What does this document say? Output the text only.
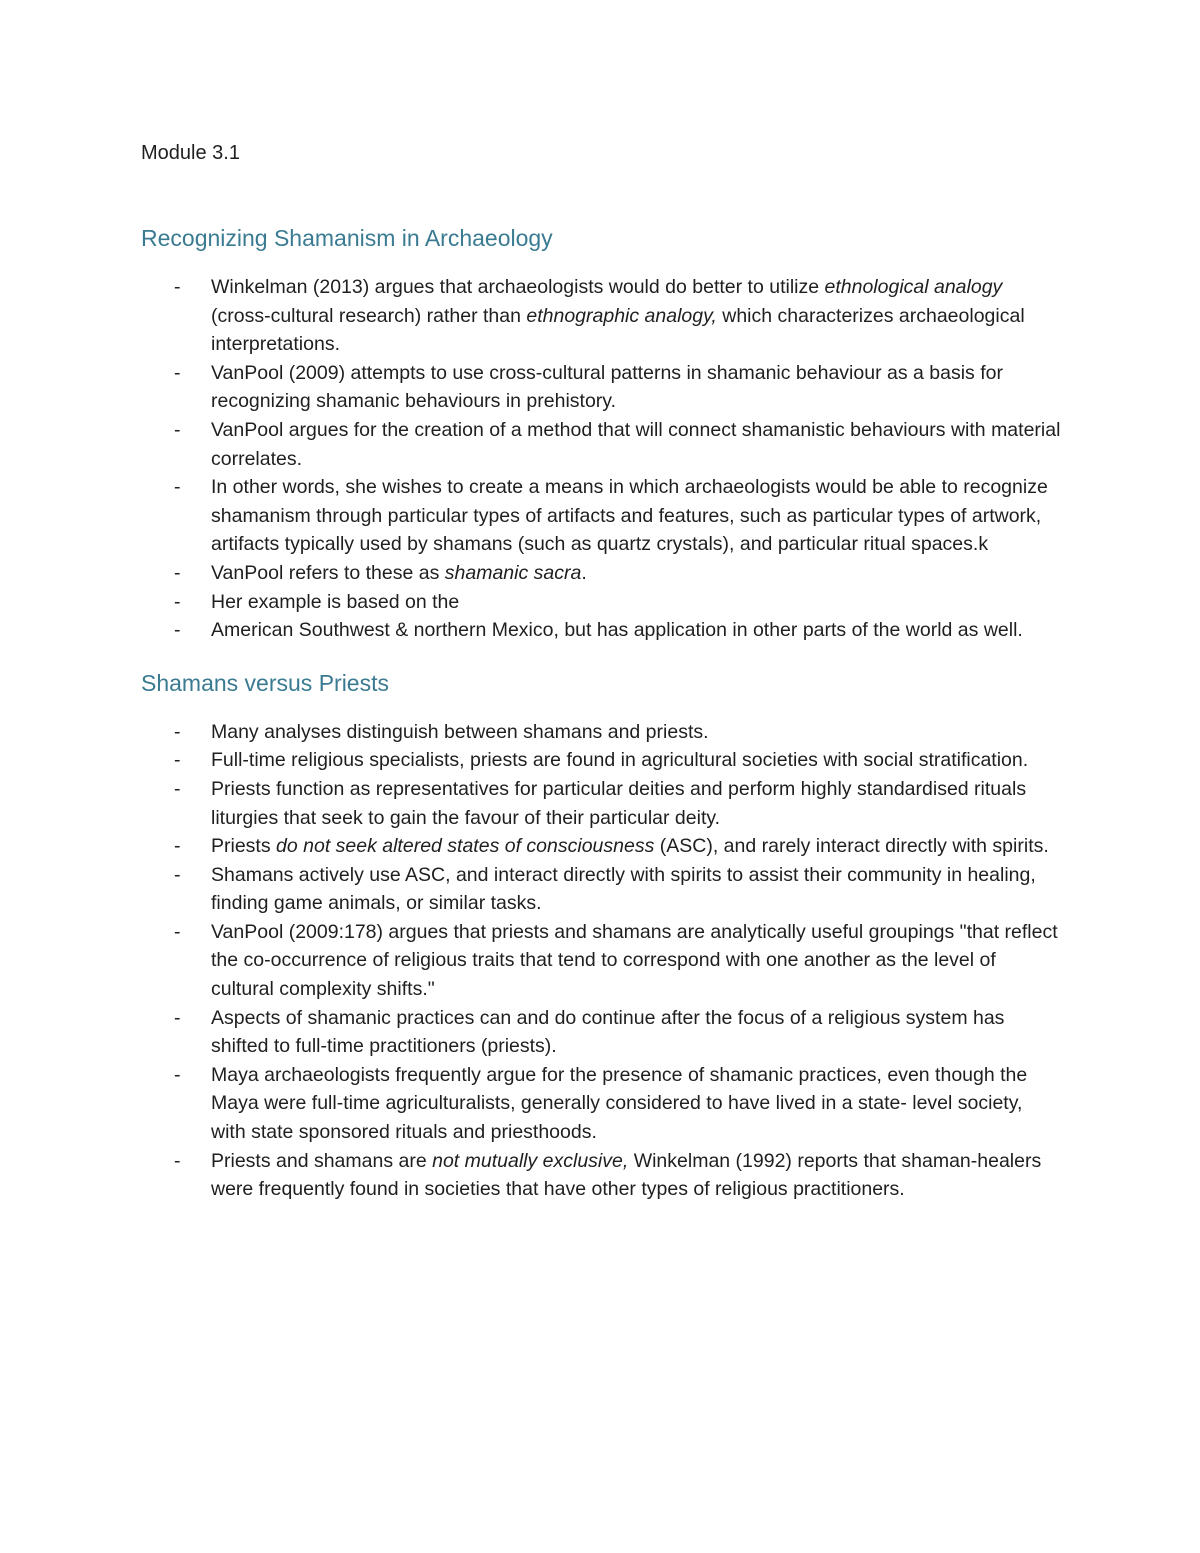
Module 3.1
Recognizing Shamanism in Archaeology
- Winkelman (2013) argues that archaeologists would do better to utilize ethnological analogy (cross-cultural research) rather than ethnographic analogy, which characterizes archaeological interpretations.
- VanPool (2009) attempts to use cross-cultural patterns in shamanic behaviour as a basis for recognizing shamanic behaviours in prehistory.
- VanPool argues for the creation of a method that will connect shamanistic behaviours with material correlates.
- In other words, she wishes to create a means in which archaeologists would be able to recognize shamanism through particular types of artifacts and features, such as particular types of artwork, artifacts typically used by shamans (such as quartz crystals), and particular ritual spaces.k
- VanPool refers to these as shamanic sacra.
- Her example is based on the
- American Southwest & northern Mexico, but has application in other parts of the world as well.
Shamans versus Priests
- Many analyses distinguish between shamans and priests.
- Full-time religious specialists, priests are found in agricultural societies with social stratification.
- Priests function as representatives for particular deities and perform highly standardised rituals liturgies that seek to gain the favour of their particular deity.
- Priests do not seek altered states of consciousness (ASC), and rarely interact directly with spirits.
- Shamans actively use ASC, and interact directly with spirits to assist their community in healing, finding game animals, or similar tasks.
- VanPool (2009:178) argues that priests and shamans are analytically useful groupings "that reflect the co-occurrence of religious traits that tend to correspond with one another as the level of cultural complexity shifts."
- Aspects of shamanic practices can and do continue after the focus of a religious system has shifted to full-time practitioners (priests).
- Maya archaeologists frequently argue for the presence of shamanic practices, even though the Maya were full-time agriculturalists, generally considered to have lived in a state- level society, with state sponsored rituals and priesthoods.
- Priests and shamans are not mutually exclusive, Winkelman (1992) reports that shaman-healers were frequently found in societies that have other types of religious practitioners.
